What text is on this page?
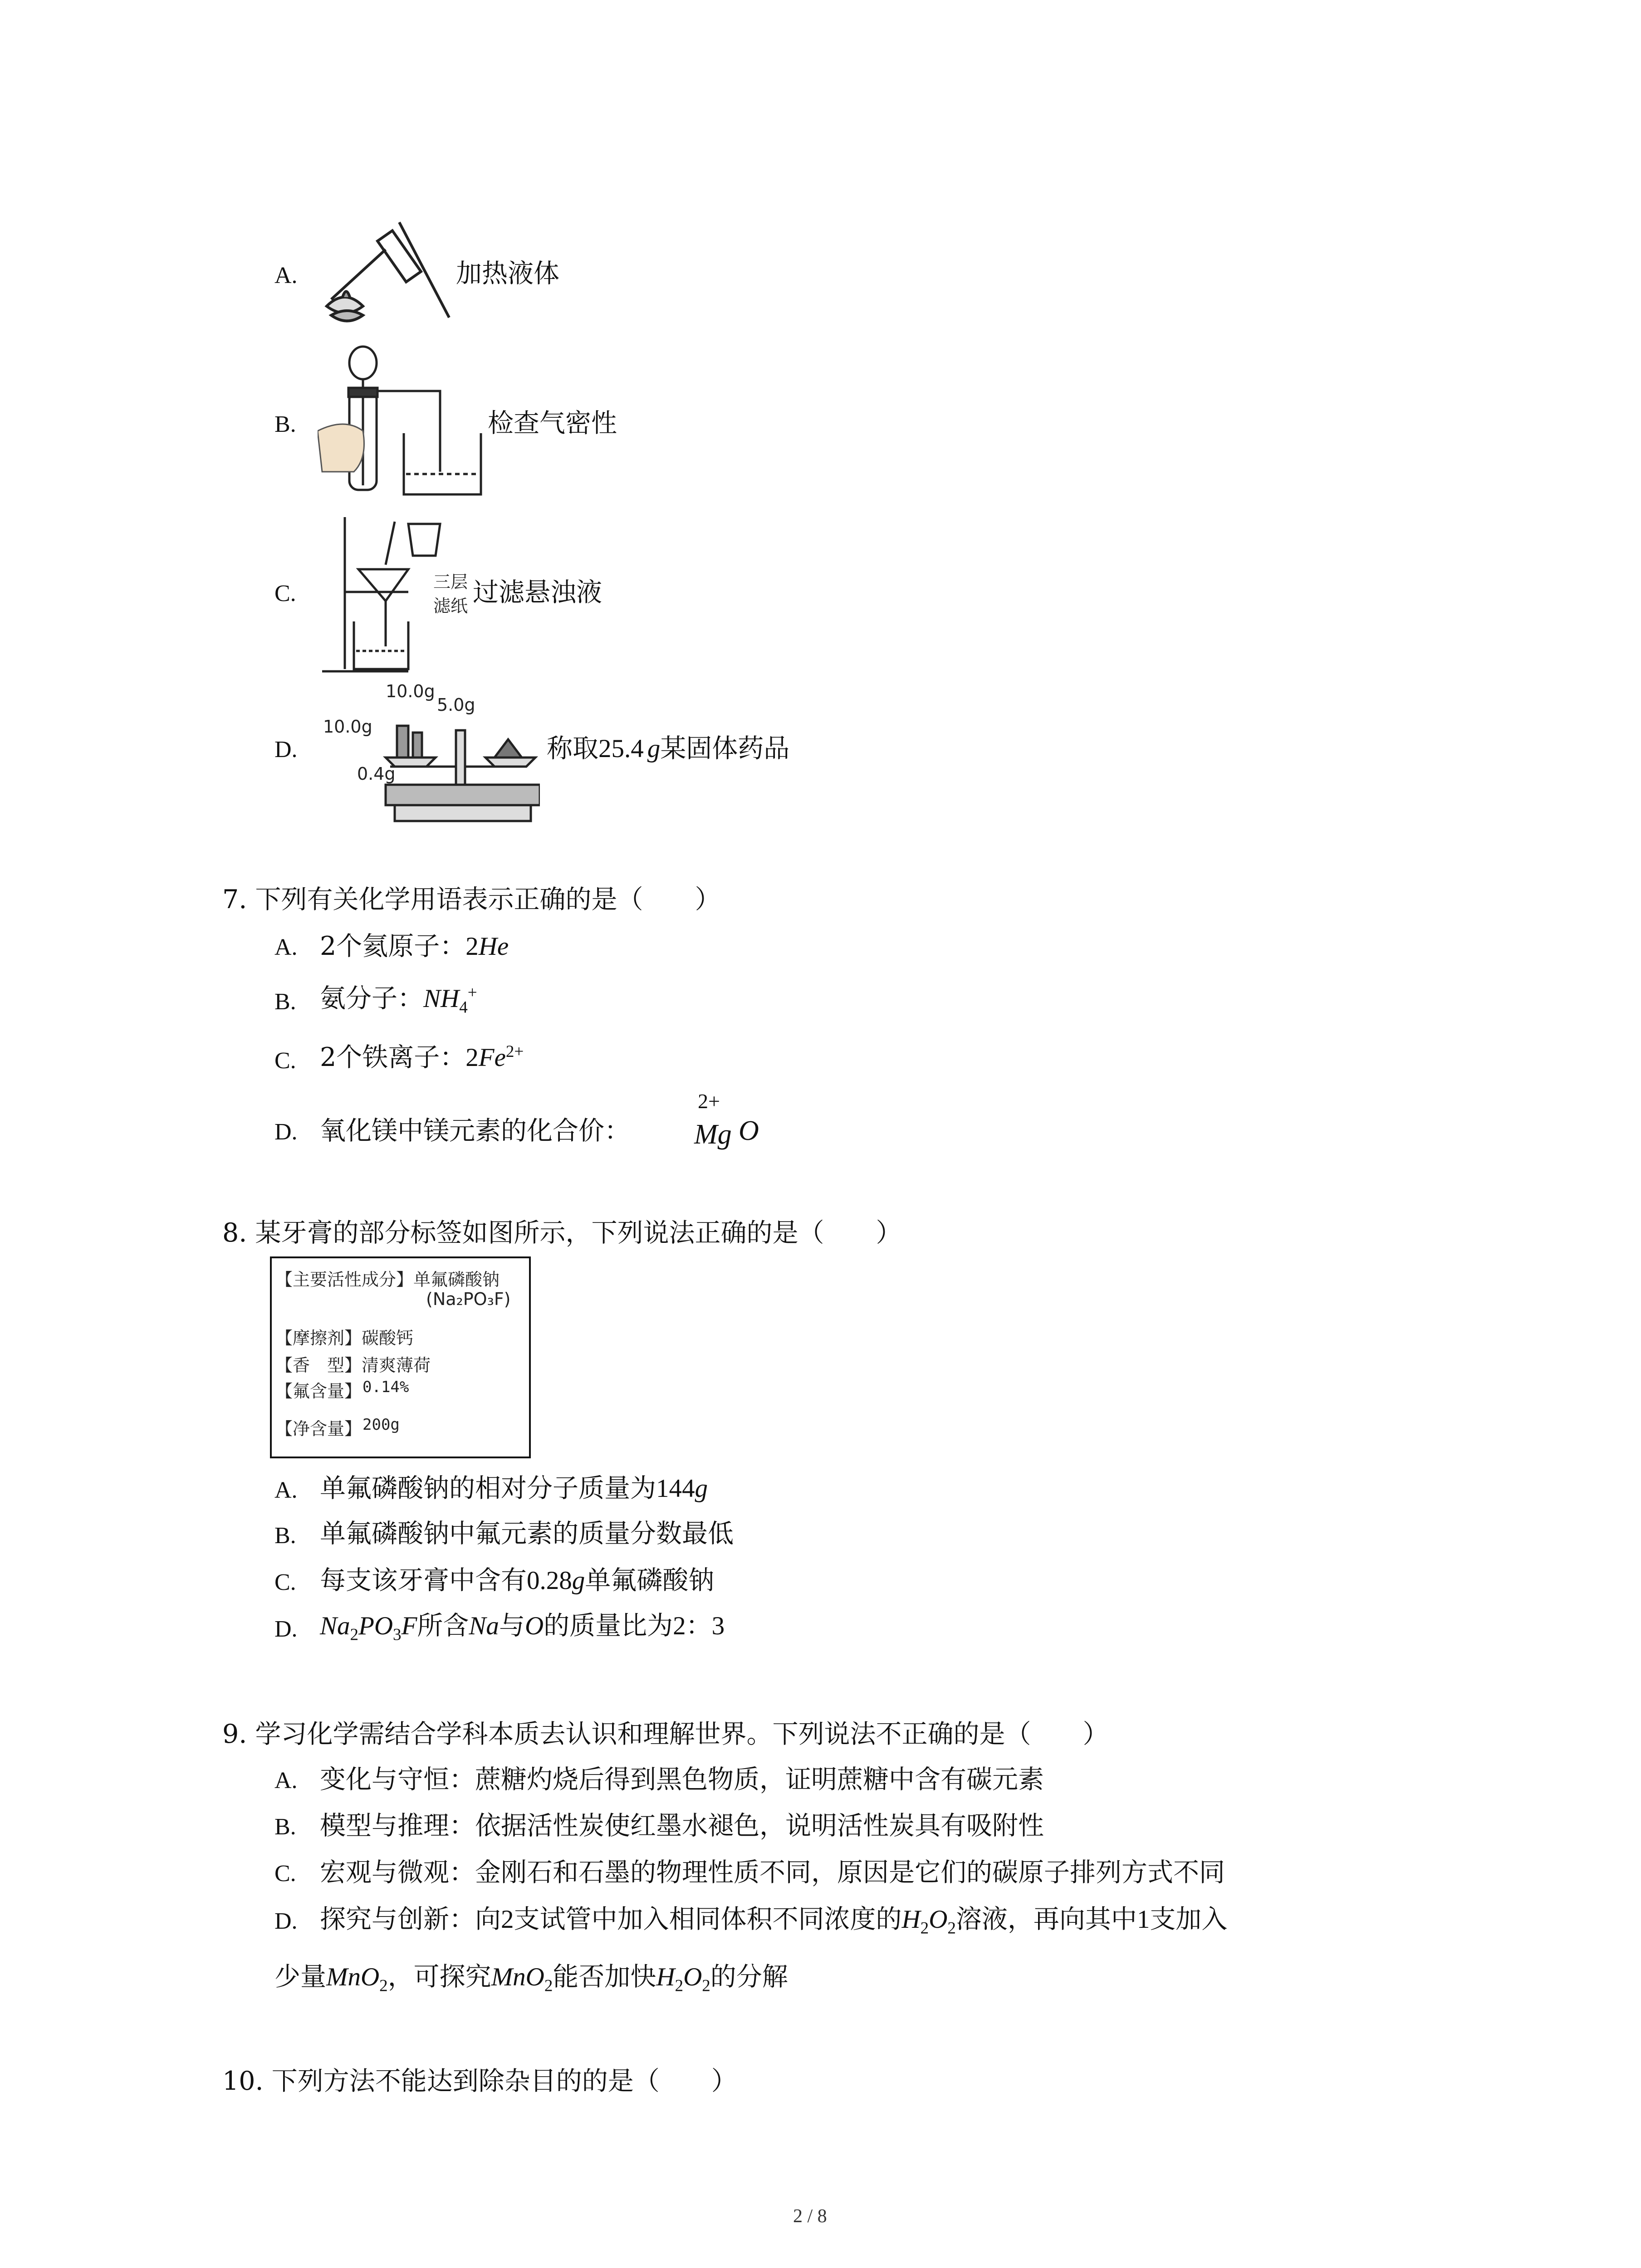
A.	加热液体
B.	检查气密性
C.	三层
滤纸 过滤悬浊液
D.
10.0g
5.0g
10.0g
0.4g
称取25.4 g某固体药品
7. 下列有关化学用语表示正确的是（　　）
A. 2个氦原子：2He
B. 氨分子：$NH_4^+$
C. 2个铁离子：$2Fe^{2+}$
D. 氧化镁中镁元素的化合价：
2+
Mg O
8. 某牙膏的部分标签如图所示，下列说法正确的是（　　）
【主要活性成分】单氟磷酸钠
(Na₂PO₃F)
【摩擦剂】碳酸钙
【香　型】清爽薄荷
【氟含量】 0.14%
【净含量】 200g
A. 单氟磷酸钠的相对分子质量为144g
B. 单氟磷酸钠中氟元素的质量分数最低
C. 每支该牙膏中含有0.28g单氟磷酸钠
D. $Na_2PO_3F$所含Na与O的质量比为2：3
9. 学习化学需结合学科本质去认识和理解世界。下列说法不正确的是（　　）
A. 变化与守恒：蔗糖灼烧后得到黑色物质，证明蔗糖中含有碳元素
B. 模型与推理：依据活性炭使红墨水褪色，说明活性炭具有吸附性
C. 宏观与微观：金刚石和石墨的物理性质不同，原因是它们的碳原子排列方式不同
D. 探究与创新：向2支试管中加入相同体积不同浓度的$H_2O_2$溶液，再向其中1支加入
少量MnO$_2$，可探究MnO$_2$能否加快$H_2O_2$的分解
10. 下列方法不能达到除杂目的的是（　　）
2 / 8
